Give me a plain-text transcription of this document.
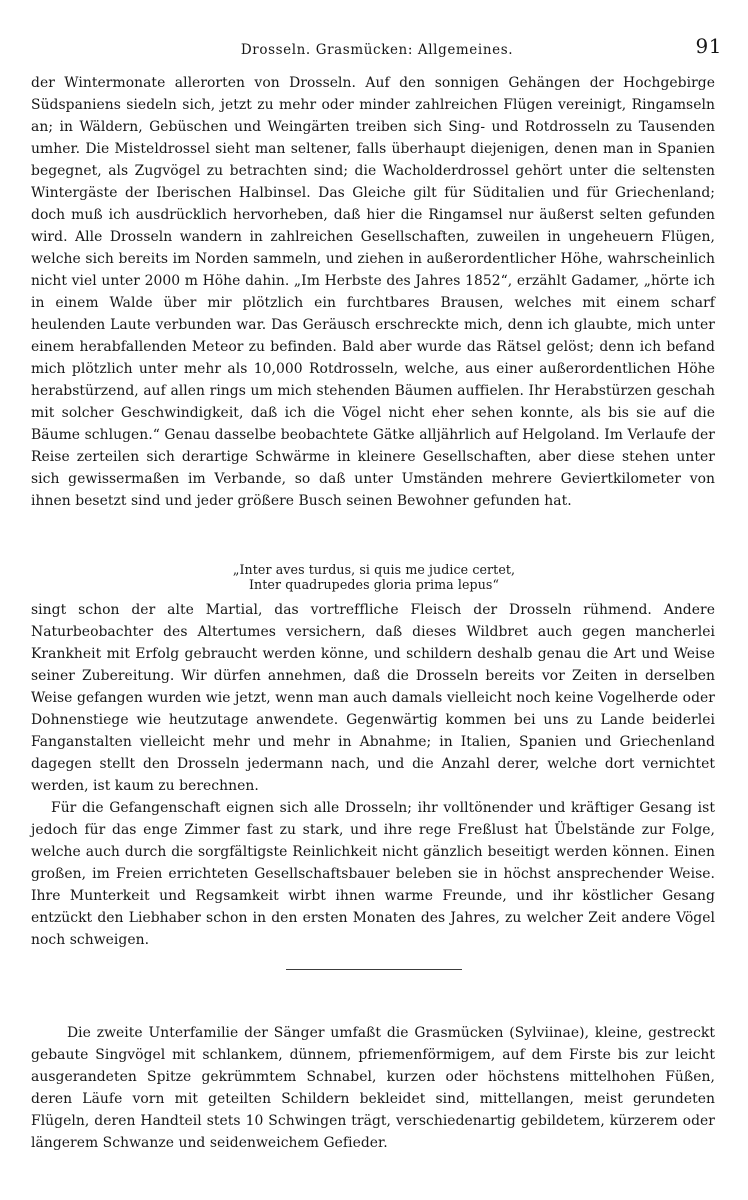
Drosseln. Grasmücken: Allgemeines.	91

der Wintermonate allerorten von Drosseln. Auf den sonnigen Gehängen der Hochgebirge Südspaniens siedeln sich, jetzt zu mehr oder minder zahlreichen Flügen vereinigt, Ringamseln an; in Wäldern, Gebüschen und Weingärten treiben sich Sing- und Rotdrosseln zu Tausenden umher. Die Misteldrossel sieht man seltener, falls überhaupt diejenigen, denen man in Spanien begegnet, als Zugvögel zu betrachten sind; die Wacholderdrossel gehört unter die seltensten Wintergäste der Iberischen Halbinsel. Das Gleiche gilt für Süditalien und für Griechenland; doch muß ich ausdrücklich hervorheben, daß hier die Ringamsel nur äußerst selten gefunden wird. Alle Drosseln wandern in zahlreichen Gesellschaften, zuweilen in ungeheuern Flügen, welche sich bereits im Norden sammeln, und ziehen in außerordentlicher Höhe, wahrscheinlich nicht viel unter 2000 m Höhe dahin. „Im Herbste des Jahres 1852“, erzählt Gadamer, „hörte ich in einem Walde über mir plötzlich ein furchtbares Brausen, welches mit einem scharf heulenden Laute verbunden war. Das Geräusch erschreckte mich, denn ich glaubte, mich unter einem herabfallenden Meteor zu befinden. Bald aber wurde das Rätsel gelöst; denn ich befand mich plötzlich unter mehr als 10,000 Rotdrosseln, welche, aus einer außerordentlichen Höhe herabstürzend, auf allen rings um mich stehenden Bäumen auffielen. Ihr Herabstürzen geschah mit solcher Geschwindigkeit, daß ich die Vögel nicht eher sehen konnte, als bis sie auf die Bäume schlugen.“ Genau dasselbe beobachtete Gätke alljährlich auf Helgoland. Im Verlaufe der Reise zerteilen sich derartige Schwärme in kleinere Gesellschaften, aber diese stehen unter sich gewissermaßen im Verbande, so daß unter Umständen mehrere Geviertkilometer von ihnen besetzt sind und jeder größere Busch seinen Bewohner gefunden hat.

„Inter aves turdus, si quis me judice certet,
Inter quadrupedes gloria prima lepus“
singt schon der alte Martial, das vortreffliche Fleisch der Drosseln rühmend. Andere Naturbeobachter des Altertumes versichern, daß dieses Wildbret auch gegen mancherlei Krankheit mit Erfolg gebraucht werden könne, und schildern deshalb genau die Art und Weise seiner Zubereitung. Wir dürfen annehmen, daß die Drosseln bereits vor Zeiten in derselben Weise gefangen wurden wie jetzt, wenn man auch damals vielleicht noch keine Vogelherde oder Dohnenstiege wie heutzutage anwendete. Gegenwärtig kommen bei uns zu Lande beiderlei Fanganstalten vielleicht mehr und mehr in Abnahme; in Italien, Spanien und Griechenland dagegen stellt den Drosseln jedermann nach, und die Anzahl derer, welche dort vernichtet werden, ist kaum zu berechnen.
Für die Gefangenschaft eignen sich alle Drosseln; ihr volltönender und kräftiger Gesang ist jedoch für das enge Zimmer fast zu stark, und ihre rege Freßlust hat Übelstände zur Folge, welche auch durch die sorgfältigste Reinlichkeit nicht gänzlich beseitigt werden können. Einen großen, im Freien errichteten Gesellschaftsbauer beleben sie in höchst ansprechender Weise. Ihre Munterkeit und Regsamkeit wirbt ihnen warme Freunde, und ihr köstlicher Gesang entzückt den Liebhaber schon in den ersten Monaten des Jahres, zu welcher Zeit andere Vögel noch schweigen.

Die zweite Unterfamilie der Sänger umfaßt die Grasmücken (Sylviinae), kleine, gestreckt gebaute Singvögel mit schlankem, dünnem, pfriemenförmigem, auf dem Firste bis zur leicht ausgerandeten Spitze gekrümmtem Schnabel, kurzen oder höchstens mittelhohen Füßen, deren Läufe vorn mit geteilten Schildern bekleidet sind, mittellangen, meist gerundeten Flügeln, deren Handteil stets 10 Schwingen trägt, verschiedenartig gebildetem, kürzerem oder längerem Schwanze und seidenweichem Gefieder.
